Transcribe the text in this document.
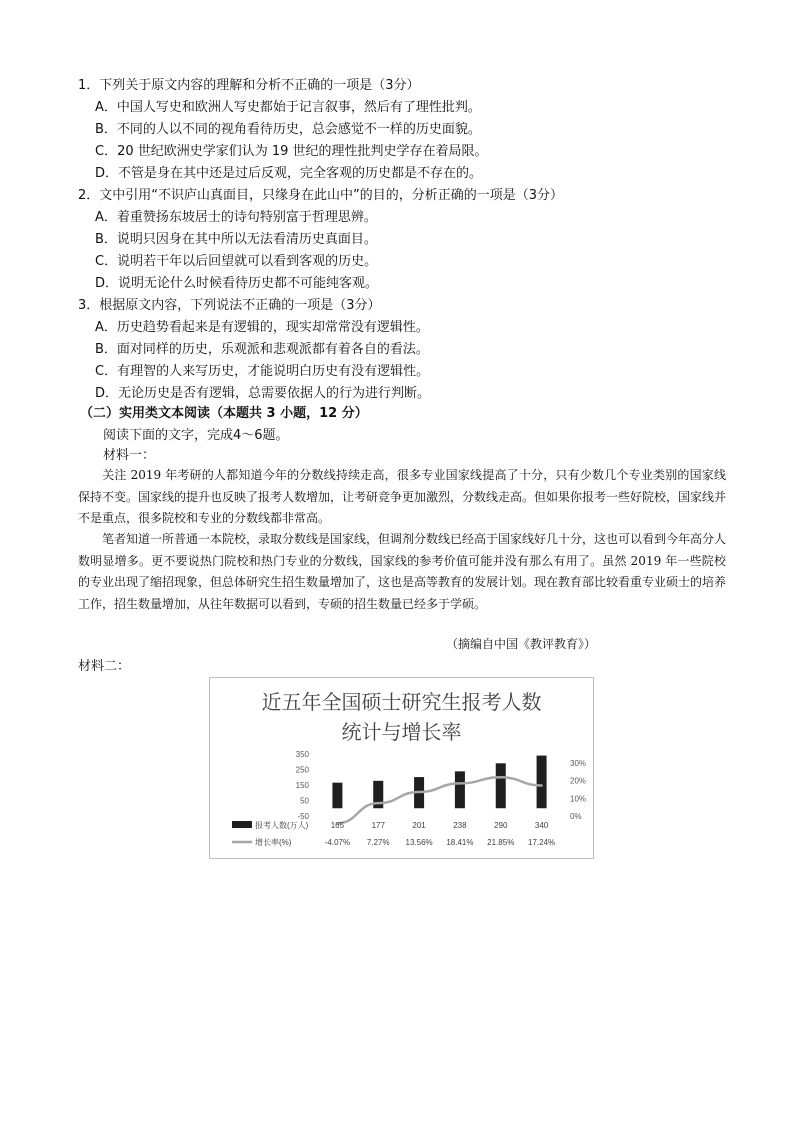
1．下列关于原文内容的理解和分析不正确的一项是（3分）
A．中国人写史和欧洲人写史都始于记言叙事，然后有了理性批判。
B．不同的人以不同的视角看待历史，总会感觉不一样的历史面貌。
C．20 世纪欧洲史学家们认为 19 世纪的理性批判史学存在着局限。
D．不管是身在其中还是过后反观，完全客观的历史都是不存在的。
2．文中引用“不识庐山真面目，只缘身在此山中”的目的，分析正确的一项是（3分）
A．着重赞扬东坡居士的诗句特别富于哲理思辨。
B．说明只因身在其中所以无法看清历史真面目。
C．说明若干年以后回望就可以看到客观的历史。
D．说明无论什么时候看待历史都不可能纯客观。
3．根据原文内容，下列说法不正确的一项是（3分）
A．历史趋势看起来是有逻辑的，现实却常常没有逻辑性。
B．面对同样的历史，乐观派和悲观派都有着各自的看法。
C．有理智的人来写历史，才能说明白历史有没有逻辑性。
D．无论历史是否有逻辑，总需要依据人的行为进行判断。
（二）实用类文本阅读（本题共 3 小题，12 分）
阅读下面的文字，完成4～6题。
材料一：
关注 2019 年考研的人都知道今年的分数线持续走高，很多专业国家线提高了十分，只有少数几个专业类别的国家线保持不变。国家线的提升也反映了报考人数增加，让考研竞争更加激烈，分数线走高。但如果你报考一些好院校，国家线并不是重点，很多院校和专业的分数线都非常高。
笔者知道一所普通一本院校，录取分数线是国家线，但调剂分数线已经高于国家线好几十分，这也可以看到今年高分人数明显增多。更不要说热门院校和热门专业的分数线，国家线的参考价值可能并没有那么有用了。虽然 2019 年一些院校的专业出现了缩招现象，但总体研究生招生数量增加了，这也是高等教育的发展计划。现在教育部比较看重专业硕士的培养工作，招生数量增加，从往年数据可以看到，专硕的招生数量已经多于学硕。
（摘编自中国《教评教育》）
材料二：
近五年全国硕士研究生报考人数
统计与增长率
350
250
150
50
-50
30%
20%
10%
0%
报考人数(万人)
增长率(%)
165	177	201	238	290	340
-4.07% 7.27% 13.56% 18.41% 21.85% 17.24%
